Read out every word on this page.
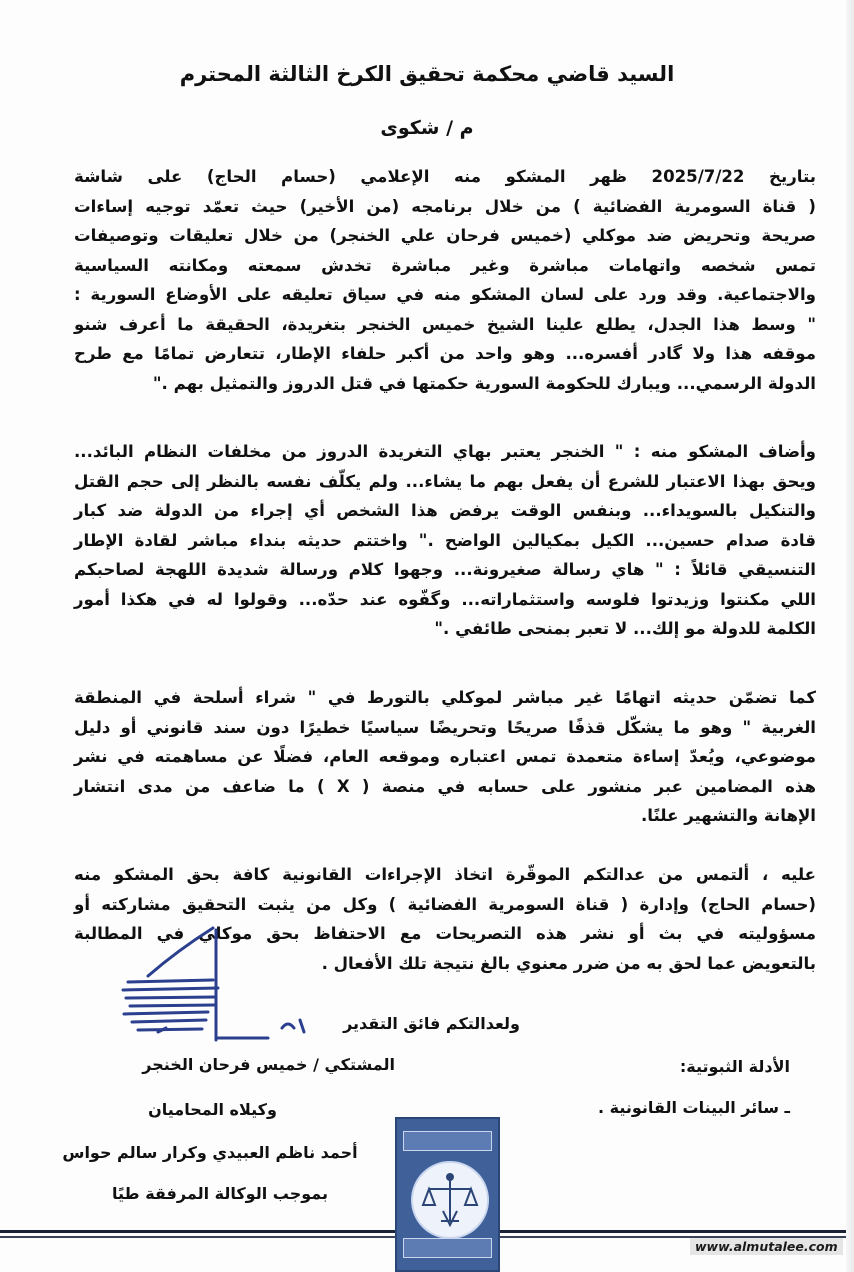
السيد قاضي محكمة تحقيق الكرخ الثالثة المحترم
م / شكوى
بتاريخ 2025/7/22 ظهر المشكو منه الإعلامي (حسام الحاج) على شاشة
( قناة السومرية الفضائية ) من خلال برنامجه (من الأخير) حيث تعمّد توجيه إساءات
صريحة وتحريض ضد موكلي (خميس فرحان علي الخنجر) من خلال تعليقات وتوصيفات
تمس شخصه واتهامات مباشرة وغير مباشرة تخدش سمعته ومكانته السياسية
والاجتماعية. وقد ورد على لسان المشكو منه في سياق تعليقه على الأوضاع السورية :
" وسط هذا الجدل، يطلع علينا الشيخ خميس الخنجر بتغريدة، الحقيقة ما أعرف شنو
موقفه هذا ولا گادر أفسره... وهو واحد من أكبر حلفاء الإطار، تتعارض تمامًا مع طرح
الدولة الرسمي... ويبارك للحكومة السورية حكمتها في قتل الدروز والتمثيل بهم ."
وأضاف المشكو منه : " الخنجر يعتبر بهاي التغريدة الدروز من مخلفات النظام البائد...
ويحق بهذا الاعتبار للشرع أن يفعل بهم ما يشاء... ولم يكلّف نفسه بالنظر إلى حجم القتل
والتنكيل بالسويداء... وبنفس الوقت يرفض هذا الشخص أي إجراء من الدولة ضد كبار
قادة صدام حسين... الكيل بمكيالين الواضح ." واختتم حديثه بنداء مباشر لقادة الإطار
التنسيقي قائلاً : " هاي رسالة صغيرونة... وجهوا كلام ورسالة شديدة اللهجة لصاحبكم
اللي مكنتوا وزيدتوا فلوسه واستثماراته... وگفّوه عند حدّه... وقولوا له في هكذا أمور
الكلمة للدولة مو إلك... لا تعبر بمنحى طائفي ."
كما تضمّن حديثه اتهامًا غير مباشر لموكلي بالتورط في " شراء أسلحة في المنطقة
الغربية " وهو ما يشكّل قذفًا صريحًا وتحريضًا سياسيًا خطيرًا دون سند قانوني أو دليل
موضوعي، ويُعدّ إساءة متعمدة تمس اعتباره وموقعه العام، فضلًا عن مساهمته في نشر
هذه المضامين عبر منشور على حسابه في منصة ( X ) ما ضاعف من مدى انتشار
الإهانة والتشهير علنًا.
عليه ، ألتمس من عدالتكم الموقّرة اتخاذ الإجراءات القانونية كافة بحق المشكو منه
(حسام الحاج) وإدارة ( قناة السومرية الفضائية ) وكل من يثبت التحقيق مشاركته أو
مسؤوليته في بث أو نشر هذه التصريحات مع الاحتفاظ بحق موكلي في المطالبة
بالتعويض عما لحق به من ضرر معنوي بالغ نتيجة تلك الأفعال .
ولعدالتكم فائق التقدير
المشتكي / خميس فرحان الخنجر	الأدلة الثبوتية:
ـ سائر البينات القانونية .
وكيلاه المحاميان
أحمد ناظم العبيدي وكرار سالم حواس
بموجب الوكالة المرفقة طيًا
www.almutalee.com
